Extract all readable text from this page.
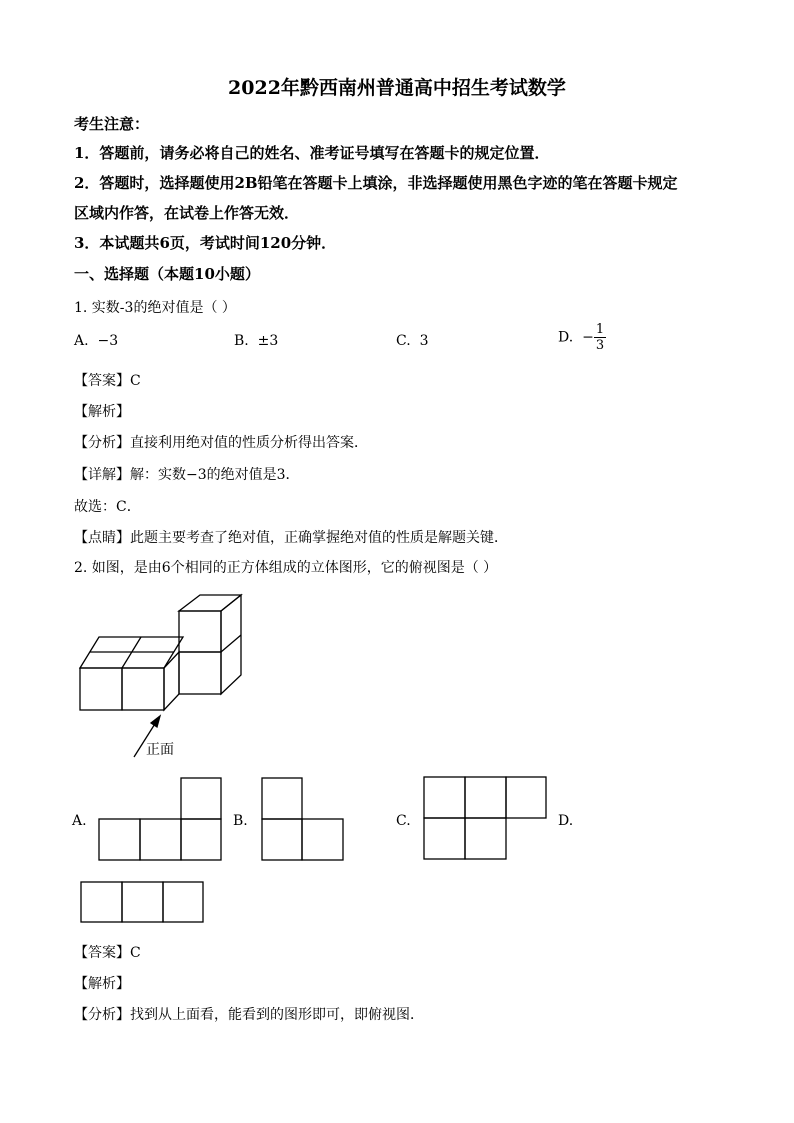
2022年黔西南州普通高中招生考试数学
考生注意：
1．答题前，请务必将自己的姓名、准考证号填写在答题卡的规定位置．
2．答题时，选择题使用2B铅笔在答题卡上填涂，非选择题使用黑色字迹的笔在答题卡规定
区域内作答，在试卷上作答无效．
3．本试题共6页，考试时间120分钟．
一、选择题（本题10小题）
1. 实数-3的绝对值是（ ）
A. −3	B. ±3	C. 3	D. − $\frac{1}{3}$
【答案】C
【解析】
【分析】直接利用绝对值的性质分析得出答案．
【详解】解：实数−3的绝对值是3．
故选：C．
【点睛】此题主要考查了绝对值，正确掌握绝对值的性质是解题关键．
2. 如图，是由6个相同的正方体组成的立体图形，它的俯视图是（ ）
正面
A.	B.	C.	D.
【答案】C
【解析】
【分析】找到从上面看，能看到的图形即可，即俯视图．
